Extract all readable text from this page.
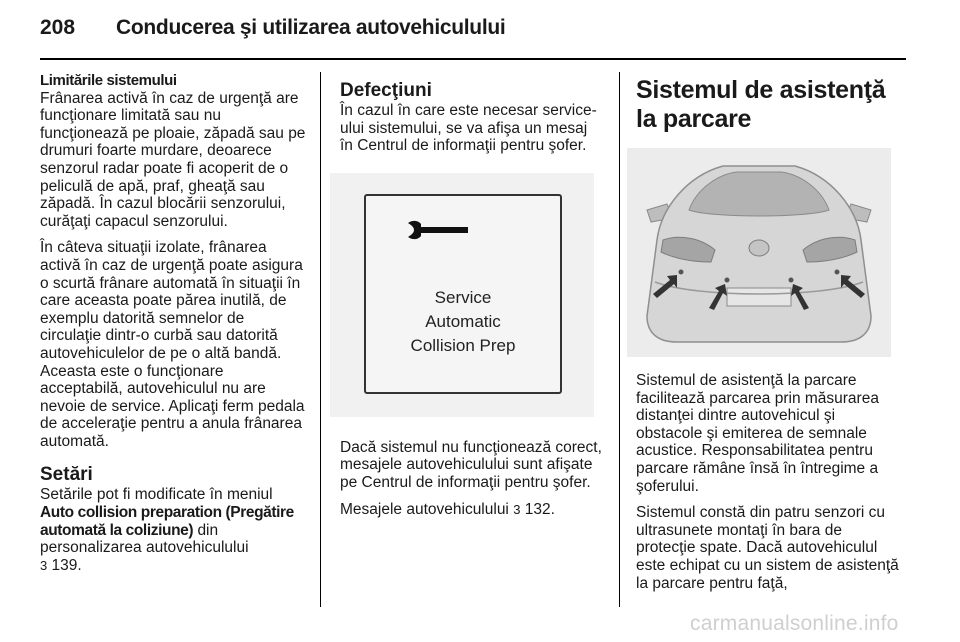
208 Conducerea şi utilizarea autovehiculului
Limitările sistemului

Frânarea activă în caz de urgenţă are funcţionare limitată sau nu funcţionează pe ploaie, zăpadă sau pe drumuri foarte murdare, deoarece senzorul radar poate fi acoperit de o peliculă de apă, praf, gheaţă sau zăpadă. În cazul blocării senzorului, curăţaţi capacul senzorului.

În câteva situaţii izolate, frânarea activă în caz de urgenţă poate asigura o scurtă frânare automată în situaţii în care aceasta poate părea inutilă, de exemplu datorită semnelor de circulaţie dintr-o curbă sau datorită autovehiculelor de pe o altă bandă. Aceasta este o funcţionare acceptabilă, autovehiculul nu are nevoie de service. Aplicaţi ferm pedala de acceleraţie pentru a anula frânarea automată.

Setări

Setările pot fi modificate în meniul Auto collision preparation (Pregătire automată la coliziune) din personalizarea autovehiculului
3 139.

Defecţiuni

În cazul în care este necesar service-ului sistemului, se va afişa un mesaj în Centrul de informaţii pentru şofer.

Service
Automatic
Collision Prep

Dacă sistemul nu funcţionează corect, mesajele autovehiculului sunt afişate pe Centrul de informaţii pentru şofer.

Mesajele autovehiculului 3 132.

Sistemul de asistenţă la parcare

Sistemul de asistenţă la parcare facilitează parcarea prin măsurarea distanţei dintre autovehicul şi obstacole şi emiterea de semnale acustice. Responsabilitatea pentru parcare rămâne însă în întregime a şoferului.

Sistemul constă din patru senzori cu ultrasunete montaţi în bara de protecţie spate. Dacă autovehiculul este echipat cu un sistem de asistenţă la parcare pentru faţă,

carmanualsonline.info
